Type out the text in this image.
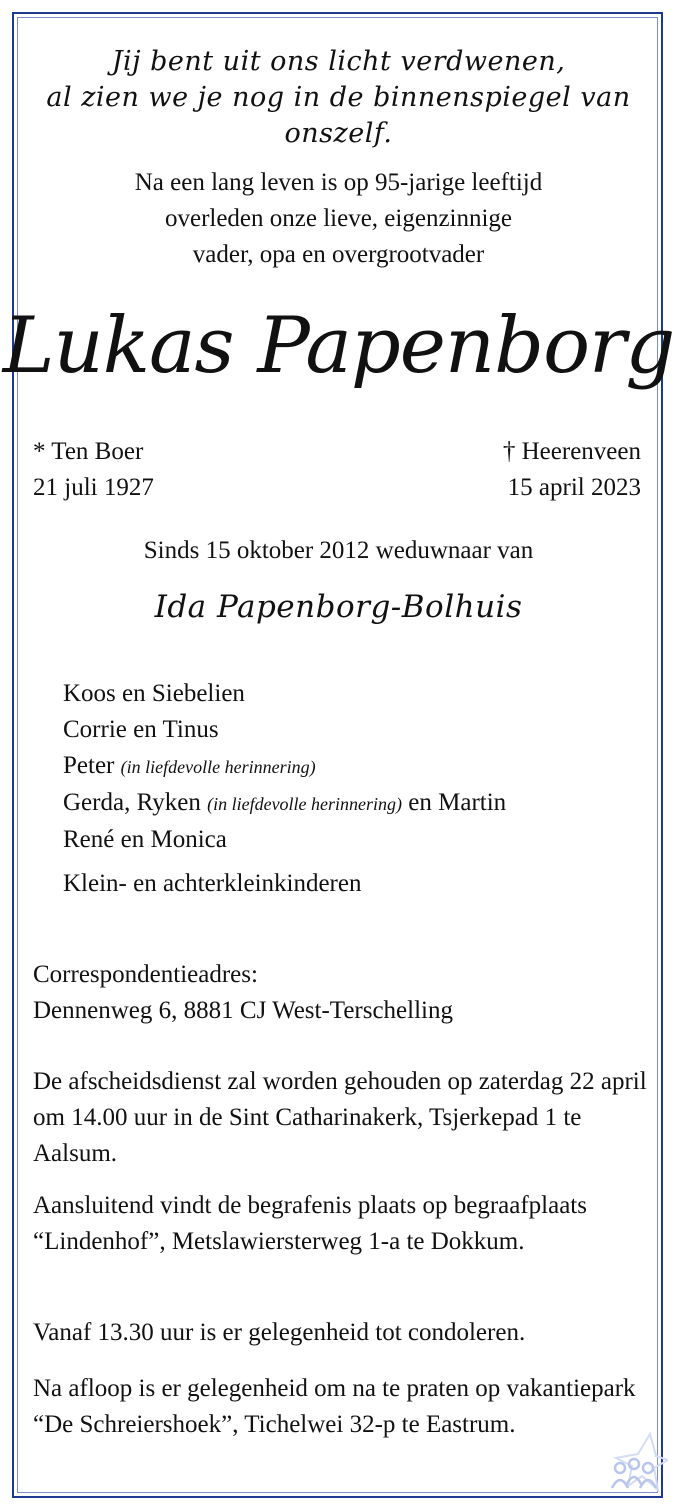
Jij bent uit ons licht verdwenen,
al zien we je nog in de binnenspiegel van onszelf.
Na een lang leven is op 95-jarige leeftijd
overleden onze lieve, eigenzinnige
vader, opa en overgrootvader
Lukas Papenborg
* Ten Boer
21 juli 1927
† Heerenveen
15 april 2023
Sinds 15 oktober 2012 weduwnaar van
Ida Papenborg-Bolhuis
Koos en Siebelien
Corrie en Tinus
Peter (in liefdevolle herinnering)
Gerda, Ryken (in liefdevolle herinnering) en Martin
René en Monica
Klein- en achterkleinkinderen
Correspondentieadres:
Dennenweg 6, 8881 CJ West-Terschelling
De afscheidsdienst zal worden gehouden op zaterdag 22 april om 14.00 uur in de Sint Catharinakerk, Tsjerkepad 1 te Aalsum.
Aansluitend vindt de begrafenis plaats op begraafplaats “Lindenhof”, Metslawiersterweg 1-a te Dokkum.
Vanaf 13.30 uur is er gelegenheid tot condoleren.
Na afloop is er gelegenheid om na te praten op vakantiepark “De Schreiershoek”, Tichelwei 32-p te Eastrum.
